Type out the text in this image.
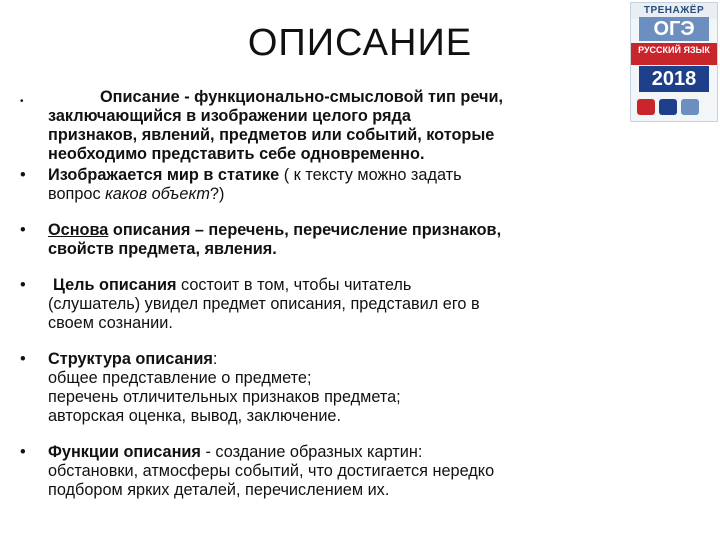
ОПИСАНИЕ
ТРЕНАЖЁР
ОГЭ
РУССКИЙ ЯЗЫК
2018
•	Описание - функционально-смысловой тип речи,
заключающийся в изображении целого ряда
признаков, явлений, предметов или событий, которые
необходимо представить себе одновременно.
•	Изображается мир в статике ( к тексту можно задать
вопрос каков объект?)
•	Основа описания – перечень, перечисление признаков,
свойств предмета, явления.
•	Цель описания состоит в том, чтобы читатель
(слушатель) увидел предмет описания, представил его в
своем сознании.
•	Структура описания:
общее представление о предмете;
перечень отличительных признаков предмета;
авторская оценка, вывод, заключение.
•	Функции описания - создание образных картин:
обстановки, атмосферы событий, что достигается нередко
подбором ярких деталей, перечислением их.
